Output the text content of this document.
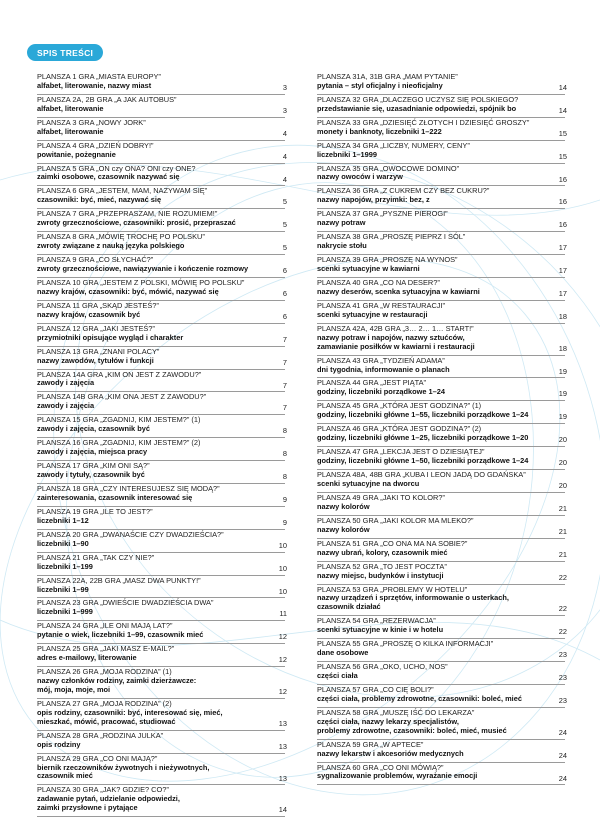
SPIS TREŚCI
PLANSZA 1 GRA „MIASTA EUROPY”
alfabet, literowanie, nazwy miast	3
PLANSZA 2A, 2B GRA „A JAK AUTOBUS”
alfabet, literowanie	3
PLANSZA 3 GRA „NOWY JORK”
alfabet, literowanie	4
PLANSZA 4 GRA „DZIEŃ DOBRY!”
powitanie, pożegnanie	4
PLANSZA 5 GRA „ON czy ONA? ONI czy ONE?
zaimki osobowe, czasownik nazywać się	4
PLANSZA 6 GRA „JESTEM, MAM, NAZYWAM SIĘ”
czasowniki: być, mieć, nazywać się	5
PLANSZA 7 GRA „PRZEPRASZAM, NIE ROZUMIEM!”
zwroty grzecznościowe, czasowniki: prosić, przepraszać	5
PLANSZA 8 GRA „MÓWIĘ TROCHĘ PO POLSKU”
zwroty związane z nauką języka polskiego	5
PLANSZA 9 GRA „CO SŁYCHAĆ?”
zwroty grzecznościowe, nawiązywanie i kończenie rozmowy	6
PLANSZA 10 GRA „JESTEM Z POLSKI, MÓWIĘ PO POLSKU”
nazwy krajów, czasowniki: być, mówić, nazywać się	6
PLANSZA 11 GRA „SKĄD JESTEŚ?”
nazwy krajów, czasownik być	6
PLANSZA 12 GRA „JAKI JESTEŚ?”
przymiotniki opisujące wygląd i charakter	7
PLANSZA 13 GRA „ZNANI POLACY”
nazwy zawodów, tytułów i funkcji	7
PLANSZA 14A GRA „KIM ON JEST Z ZAWODU?”
zawody i zajęcia	7
PLANSZA 14B GRA „KIM ONA JEST Z ZAWODU?”
zawody i zajęcia	7
PLANSZA 15 GRA „ZGADNIJ, KIM JESTEM?” (1)
zawody i zajęcia, czasownik być	8
PLANSZA 16 GRA „ZGADNIJ, KIM JESTEM?” (2)
zawody i zajęcia, miejsca pracy	8
PLANSZA 17 GRA „KIM ONI SĄ?”
zawody i tytuły, czasownik być	8
PLANSZA 18 GRA „CZY INTERESUJESZ SIĘ MODĄ?”
zainteresowania, czasownik interesować się	9
PLANSZA 19 GRA „ILE TO JEST?”
liczebniki 1–12	9
PLANSZA 20 GRA „DWANAŚCIE CZY DWADZIEŚCIA?”
liczebniki 1–90	10
PLANSZA 21 GRA „TAK CZY NIE?”
liczebniki 1–199	10
PLANSZA 22A, 22B GRA „MASZ DWA PUNKTY!”
liczebniki 1–99	10
PLANSZA 23 GRA „DWIEŚCIE DWADZIEŚCIA DWA”
liczebniki 1–999	11
PLANSZA 24 GRA „ILE ONI MAJĄ LAT?”
pytanie o wiek, liczebniki 1–99, czasownik mieć	12
PLANSZA 25 GRA „JAKI MASZ E-MAIL?”
adres e-mailowy, literowanie	12
PLANSZA 26 GRA „MOJA RODZINA” (1)
nazwy członków rodziny, zaimki dzierżawcze:
mój, moja, moje, moi	12
PLANSZA 27 GRA „MOJA RODZINA” (2)
opis rodziny, czasowniki: być, interesować się, mieć,
mieszkać, mówić, pracować, studiować	13
PLANSZA 28 GRA „RODZINA JULKA”
opis rodziny	13
PLANSZA 29 GRA „CO ONI MAJĄ?”
biernik rzeczowników żywotnych i nieżywotnych,
czasownik mieć	13
PLANSZA 30 GRA „JAK? GDZIE? CO?”
zadawanie pytań, udzielanie odpowiedzi,
zaimki przysłowne i pytające	14
PLANSZA 31A, 31B GRA „MAM PYTANIE”
pytania – styl oficjalny i nieoficjalny	14
PLANSZA 32 GRA „DLACZEGO UCZYSZ SIĘ POLSKIEGO?
przedstawianie się, uzasadnianie odpowiedzi, spójnik bo	14
PLANSZA 33 GRA „DZIESIĘĆ ZŁOTYCH I DZIESIĘĆ GROSZY”
monety i banknoty, liczebniki 1–222	15
PLANSZA 34 GRA „LICZBY, NUMERY, CENY”
liczebniki 1–1999	15
PLANSZA 35 GRA „OWOCOWE DOMINO”
nazwy owoców i warzyw	16
PLANSZA 36 GRA „Z CUKREM CZY BEZ CUKRU?”
nazwy napojów, przyimki: bez, z	16
PLANSZA 37 GRA „PYSZNE PIEROGI”
nazwy potraw	16
PLANSZA 38 GRA „PROSZĘ PIEPRZ I SÓL”
nakrycie stołu	17
PLANSZA 39 GRA „PROSZĘ NA WYNOS”
scenki sytuacyjne w kawiarni	17
PLANSZA 40 GRA „CO NA DESER?”
nazwy deserów, scenka sytuacyjna w kawiarni	17
PLANSZA 41 GRA „W RESTAURACJI”
scenki sytuacyjne w restauracji	18
PLANSZA 42A, 42B GRA „3… 2… 1… START!”
nazwy potraw i napojów, nazwy sztućców,
zamawianie posiłków w kawiarni i restauracji	18
PLANSZA 43 GRA „TYDZIEŃ ADAMA”
dni tygodnia, informowanie o planach	19
PLANSZA 44 GRA „JEST PIĄTA”
godziny, liczebniki porządkowe 1–24	19
PLANSZA 45 GRA „KTÓRA JEST GODZINA?” (1)
godziny, liczebniki główne 1–55, liczebniki porządkowe 1–24	19
PLANSZA 46 GRA „KTÓRA JEST GODZINA?” (2)
godziny, liczebniki główne 1–25, liczebniki porządkowe 1–20	20
PLANSZA 47 GRA „LEKCJA JEST O DZIESIĄTEJ”
godziny, liczebniki główne 1–50, liczebniki porządkowe 1–24	20
PLANSZA 48A, 48B GRA „KUBA I LEON JADĄ DO GDAŃSKA”
scenki sytuacyjne na dworcu	20
PLANSZA 49 GRA „JAKI TO KOLOR?”
nazwy kolorów	21
PLANSZA 50 GRA „JAKI KOLOR MA MLEKO?”
nazwy kolorów	21
PLANSZA 51 GRA „CO ONA MA NA SOBIE?”
nazwy ubrań, kolory, czasownik mieć	21
PLANSZA 52 GRA „TO JEST POCZTA”
nazwy miejsc, budynków i instytucji	22
PLANSZA 53 GRA „PROBLEMY W HOTELU”
nazwy urządzeń i sprzętów, informowanie o usterkach,
czasownik działać	22
PLANSZA 54 GRA „REZERWACJA”
scenki sytuacyjne w kinie i w hotelu	22
PLANSZA 55 GRA „PROSZĘ O KILKA INFORMACJI”
dane osobowe	23
PLANSZA 56 GRA „OKO, UCHO, NOS”
części ciała	23
PLANSZA 57 GRA „CO CIĘ BOLI?”
części ciała, problemy zdrowotne, czasowniki: boleć, mieć	23
PLANSZA 58 GRA „MUSZĘ IŚĆ DO LEKARZA”
części ciała, nazwy lekarzy specjalistów,
problemy zdrowotne, czasowniki: boleć, mieć, musieć	24
PLANSZA 59 GRA „W APTECE”
nazwy lekarstw i akcesoriów medycznych	24
PLANSZA 60 GRA „CO ONI MÓWIĄ?”
sygnalizowanie problemów, wyrażanie emocji	24
